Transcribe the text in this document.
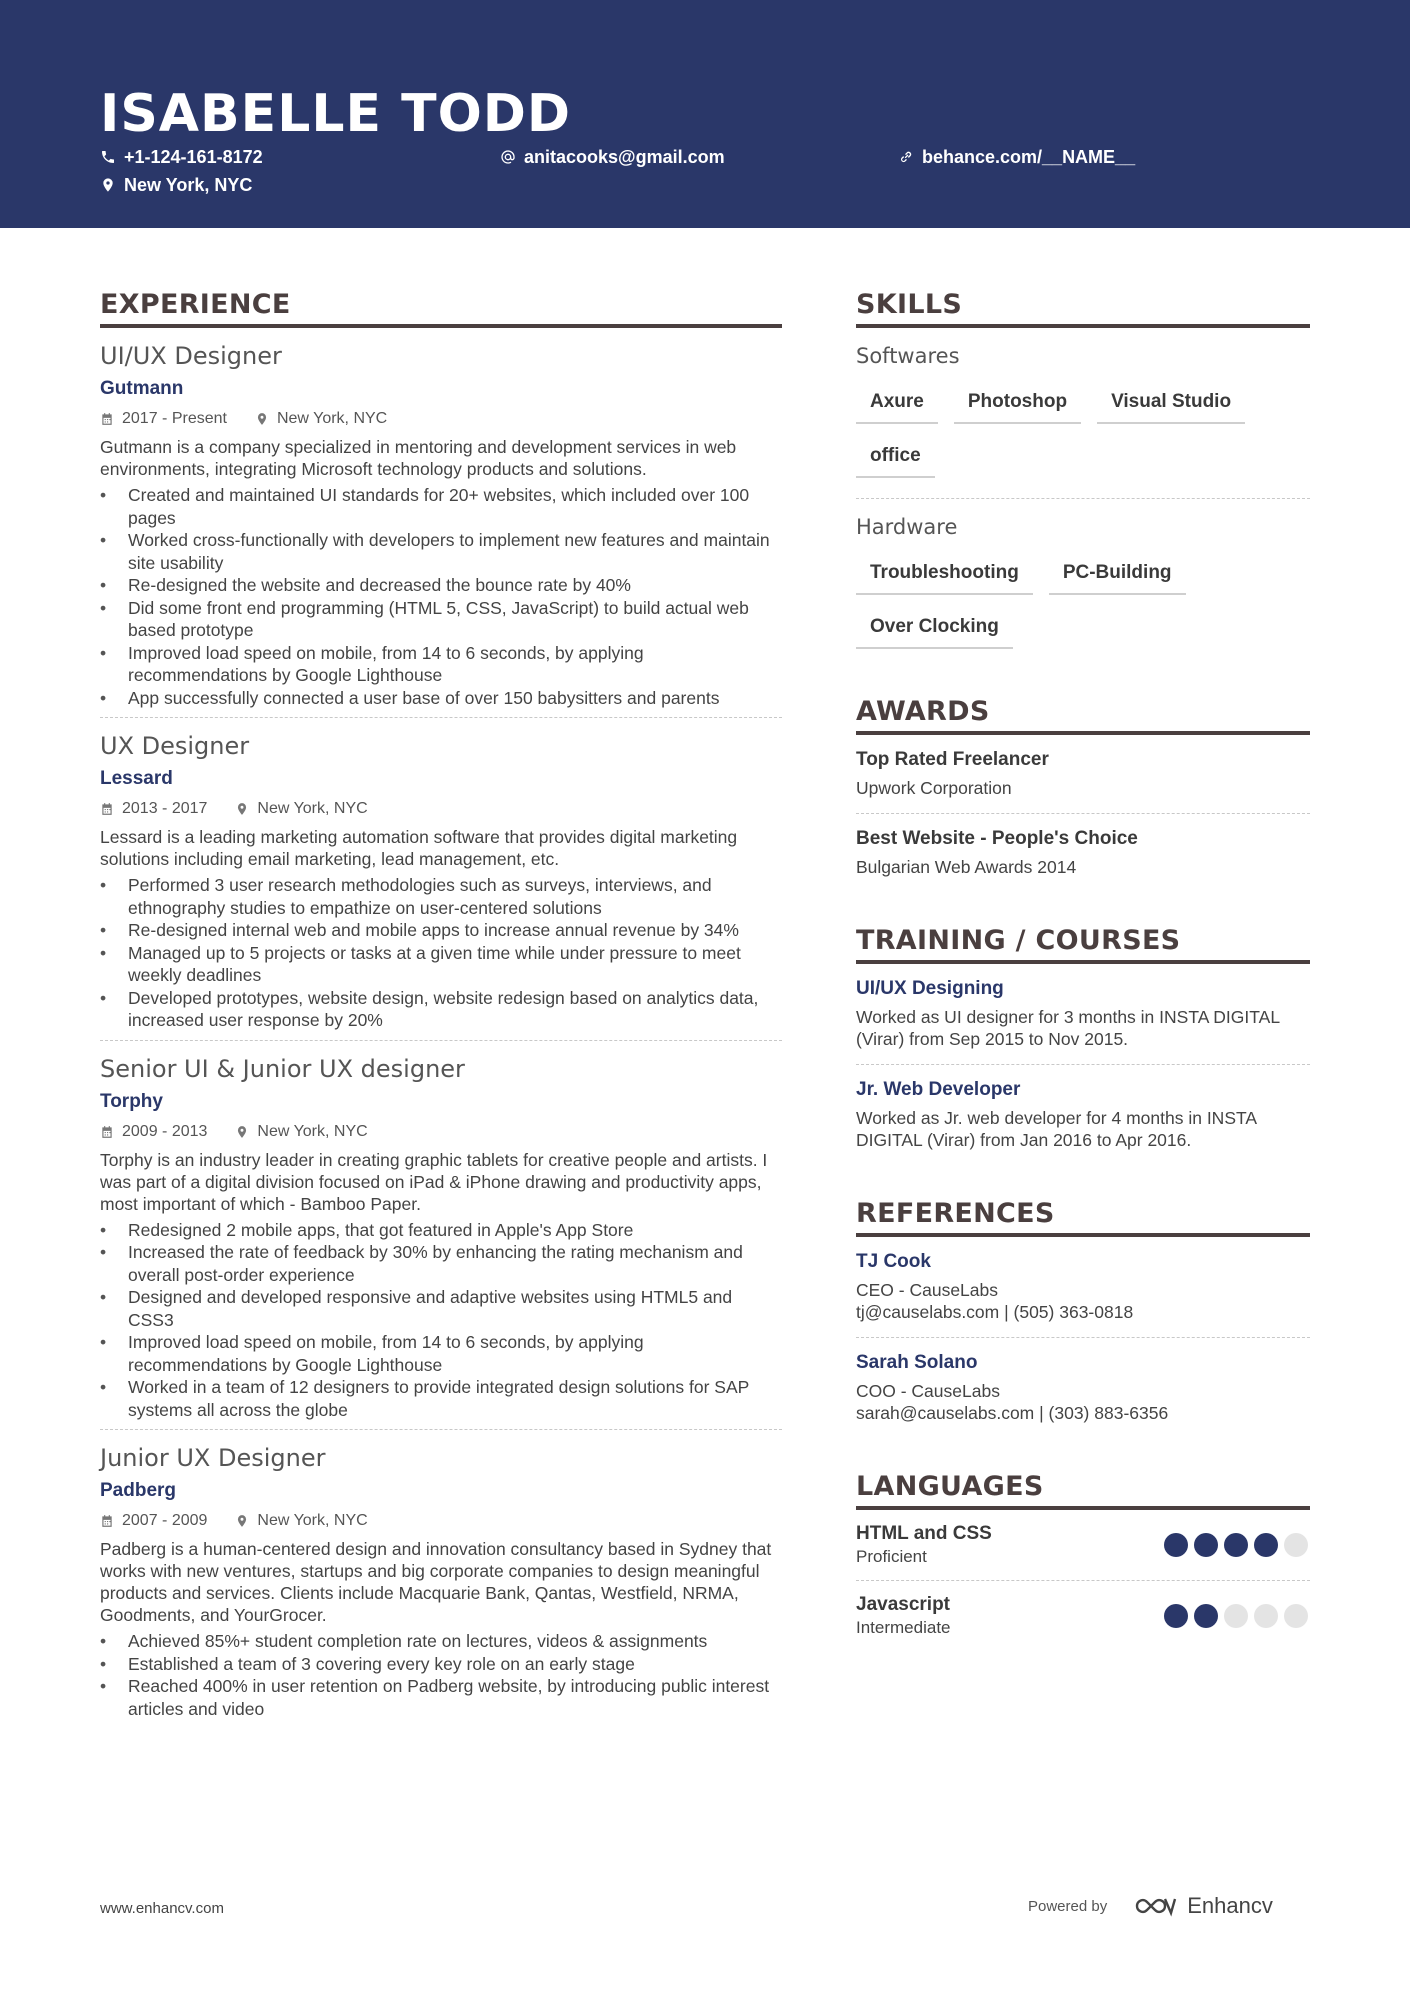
ISABELLE TODD
+1-124-161-8172	anitacooks@gmail.com	behance.com/__NAME__
New York, NYC
EXPERIENCE
UI/UX Designer
Gutmann
2017 - Present	New York, NYC
Gutmann is a company specialized in mentoring and development services in web environments, integrating Microsoft technology products and solutions.
• Created and maintained UI standards for 20+ websites, which included over 100 pages
• Worked cross-functionally with developers to implement new features and maintain site usability
• Re-designed the website and decreased the bounce rate by 40%
• Did some front end programming (HTML 5, CSS, JavaScript) to build actual web based prototype
• Improved load speed on mobile, from 14 to 6 seconds, by applying recommendations by Google Lighthouse
• App successfully connected a user base of over 150 babysitters and parents
UX Designer
Lessard
2013 - 2017	New York, NYC
Lessard is a leading marketing automation software that provides digital marketing solutions including email marketing, lead management, etc.
• Performed 3 user research methodologies such as surveys, interviews, and ethnography studies to empathize on user-centered solutions
• Re-designed internal web and mobile apps to increase annual revenue by 34%
• Managed up to 5 projects or tasks at a given time while under pressure to meet weekly deadlines
• Developed prototypes, website design, website redesign based on analytics data, increased user response by 20%
Senior UI & Junior UX designer
Torphy
2009 - 2013	New York, NYC
Torphy is an industry leader in creating graphic tablets for creative people and artists. I was part of a digital division focused on iPad & iPhone drawing and productivity apps, most important of which - Bamboo Paper.
• Redesigned 2 mobile apps, that got featured in Apple's App Store
• Increased the rate of feedback by 30% by enhancing the rating mechanism and overall post-order experience
• Designed and developed responsive and adaptive websites using HTML5 and CSS3
• Improved load speed on mobile, from 14 to 6 seconds, by applying recommendations by Google Lighthouse
• Worked in a team of 12 designers to provide integrated design solutions for SAP systems all across the globe
Junior UX Designer
Padberg
2007 - 2009	New York, NYC
Padberg is a human-centered design and innovation consultancy based in Sydney that works with new ventures, startups and big corporate companies to design meaningful products and services. Clients include Macquarie Bank, Qantas, Westfield, NRMA, Goodments, and YourGrocer.
• Achieved 85%+ student completion rate on lectures, videos & assignments
• Established a team of 3 covering every key role on an early stage
• Reached 400% in user retention on Padberg website, by introducing public interest articles and video
SKILLS
Softwares
Axure	Photoshop	Visual Studio
office
Hardware
Troubleshooting	PC-Building
Over Clocking
AWARDS
Top Rated Freelancer
Upwork Corporation
Best Website - People's Choice
Bulgarian Web Awards 2014
TRAINING / COURSES
UI/UX Designing
Worked as UI designer for 3 months in INSTA DIGITAL (Virar) from Sep 2015 to Nov 2015.
Jr. Web Developer
Worked as Jr. web developer for 4 months in INSTA DIGITAL (Virar) from Jan 2016 to Apr 2016.
REFERENCES
TJ Cook
CEO - CauseLabs
tj@causelabs.com | (505) 363-0818
Sarah Solano
COO - CauseLabs
sarah@causelabs.com | (303) 883-6356
LANGUAGES
HTML and CSS
Proficient
Javascript
Intermediate
www.enhancv.com	Powered by	Enhancv
